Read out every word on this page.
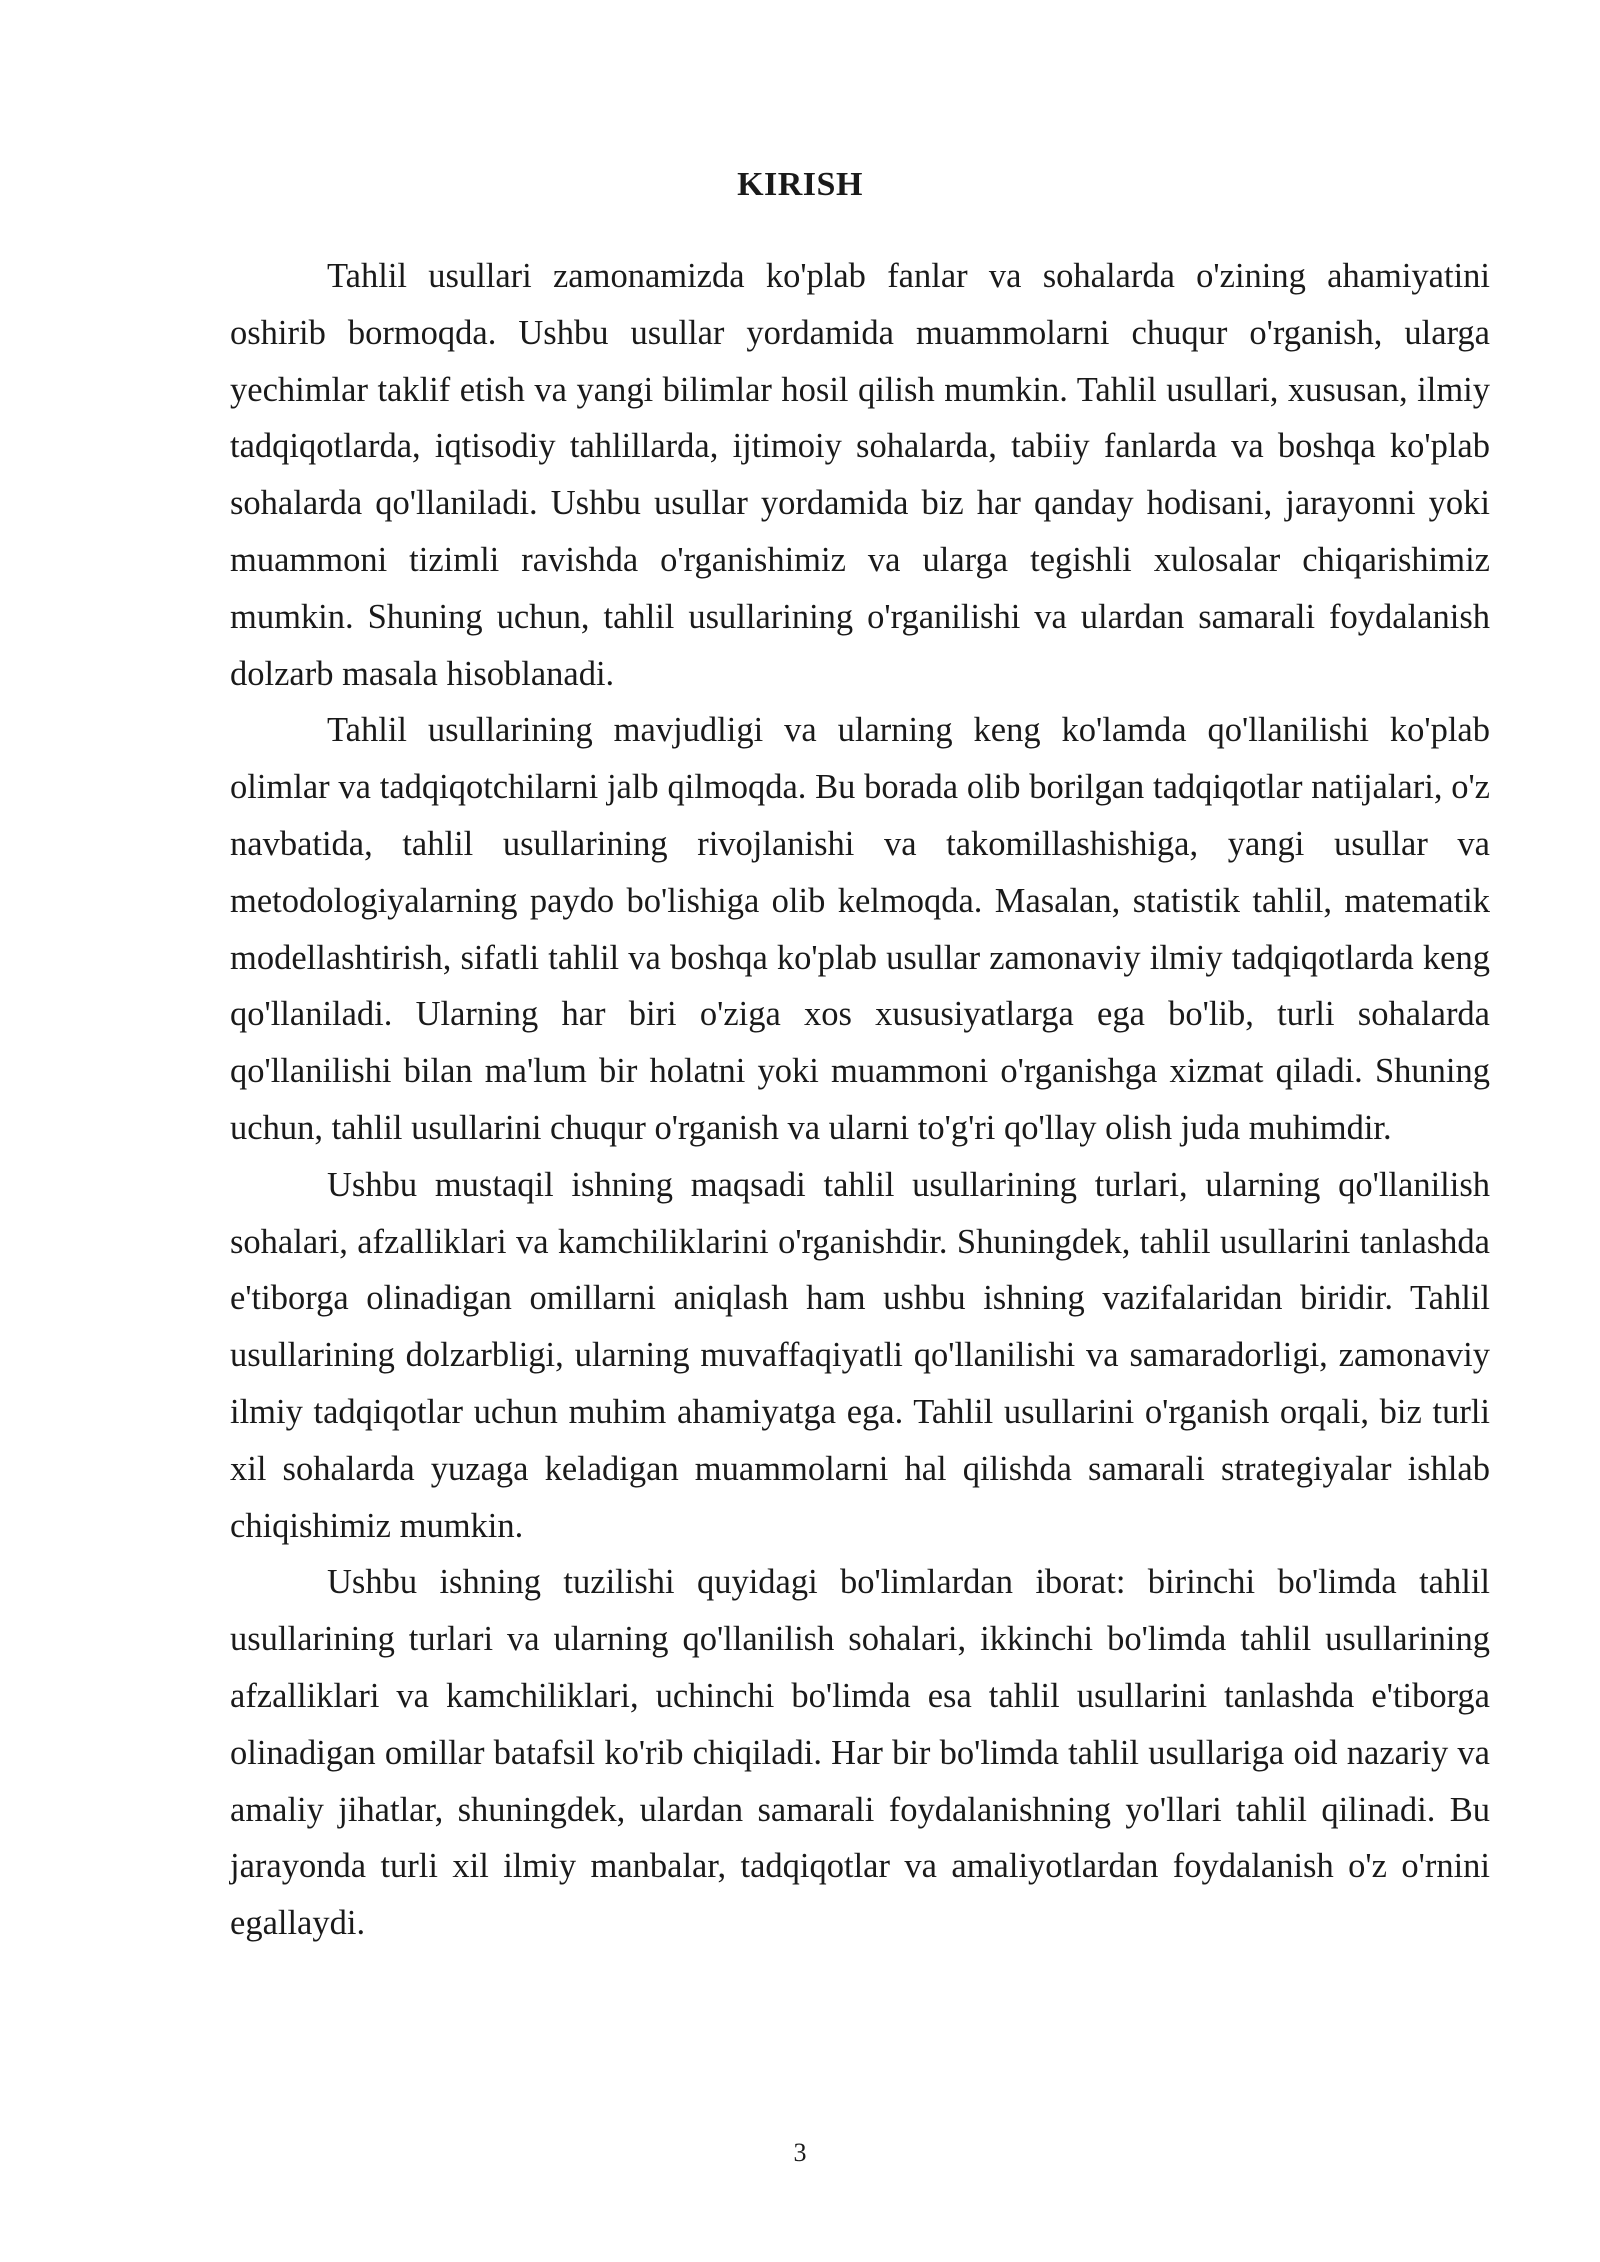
KIRISH

Tahlil usullari zamonamizda ko'plab fanlar va sohalarda o'zining ahamiyatini oshirib bormoqda. Ushbu usullar yordamida muammolarni chuqur o'rganish, ularga yechimlar taklif etish va yangi bilimlar hosil qilish mumkin. Tahlil usullari, xususan, ilmiy tadqiqotlarda, iqtisodiy tahlillarda, ijtimoiy sohalarda, tabiiy fanlarda va boshqa ko'plab sohalarda qo'llaniladi. Ushbu usullar yordamida biz har qanday hodisani, jarayonni yoki muammoni tizimli ravishda o'rganishimiz va ularga tegishli xulosalar chiqarishimiz mumkin. Shuning uchun, tahlil usullarining o'rganilishi va ulardan samarali foydalanish dolzarb masala hisoblanadi.

Tahlil usullarining mavjudligi va ularning keng ko'lamda qo'llanilishi ko'plab olimlar va tadqiqotchilarni jalb qilmoqda. Bu borada olib borilgan tadqiqotlar natijalari, o'z navbatida, tahlil usullarining rivojlanishi va takomillashishiga, yangi usullar va metodologiyalarning paydo bo'lishiga olib kelmoqda. Masalan, statistik tahlil, matematik modellashtirish, sifatli tahlil va boshqa ko'plab usullar zamonaviy ilmiy tadqiqotlarda keng qo'llaniladi. Ularning har biri o'ziga xos xususiyatlarga ega bo'lib, turli sohalarda qo'llanilishi bilan ma'lum bir holatni yoki muammoni o'rganishga xizmat qiladi. Shuning uchun, tahlil usullarini chuqur o'rganish va ularni to'g'ri qo'llay olish juda muhimdir.

Ushbu mustaqil ishning maqsadi tahlil usullarining turlari, ularning qo'llanilish sohalari, afzalliklari va kamchiliklarini o'rganishdir. Shuningdek, tahlil usullarini tanlashda e'tiborga olinadigan omillarni aniqlash ham ushbu ishning vazifalaridan biridir. Tahlil usullarining dolzarbligi, ularning muvaffaqiyatli qo'llanilishi va samaradorligi, zamonaviy ilmiy tadqiqotlar uchun muhim ahamiyatga ega. Tahlil usullarini o'rganish orqali, biz turli xil sohalarda yuzaga keladigan muammolarni hal qilishda samarali strategiyalar ishlab chiqishimiz mumkin.

Ushbu ishning tuzilishi quyidagi bo'limlardan iborat: birinchi bo'limda tahlil usullarining turlari va ularning qo'llanilish sohalari, ikkinchi bo'limda tahlil usullarining afzalliklari va kamchiliklari, uchinchi bo'limda esa tahlil usullarini tanlashda e'tiborga olinadigan omillar batafsil ko'rib chiqiladi. Har bir bo'limda tahlil usullariga oid nazariy va amaliy jihatlar, shuningdek, ulardan samarali foydalanishning yo'llari tahlil qilinadi. Bu jarayonda turli xil ilmiy manbalar, tadqiqotlar va amaliyotlardan foydalanish o'z o'rnini egallaydi.

3
